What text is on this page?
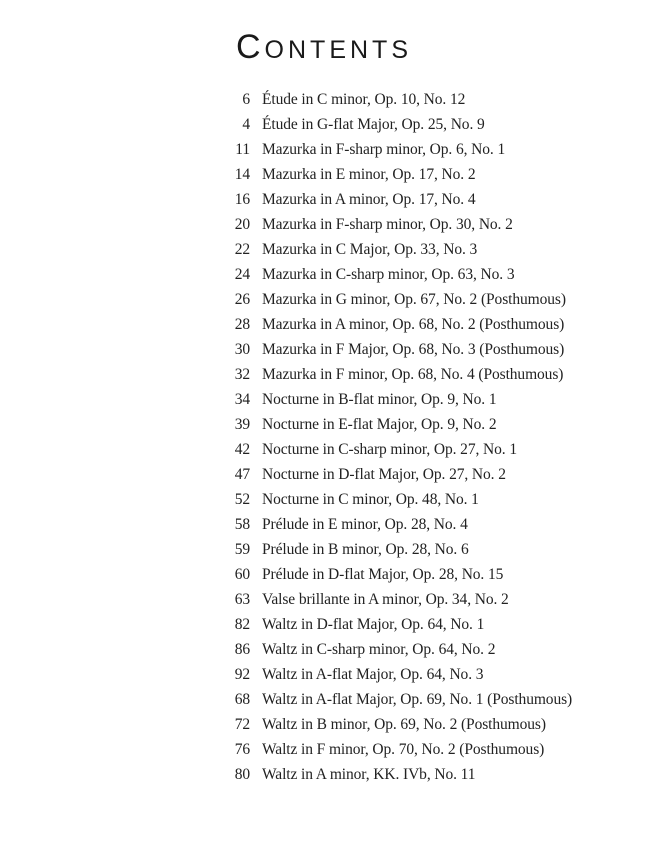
CONTENTS
6 Étude in C minor, Op. 10, No. 12
4 Étude in G-flat Major, Op. 25, No. 9
11 Mazurka in F-sharp minor, Op. 6, No. 1
14 Mazurka in E minor, Op. 17, No. 2
16 Mazurka in A minor, Op. 17, No. 4
20 Mazurka in F-sharp minor, Op. 30, No. 2
22 Mazurka in C Major, Op. 33, No. 3
24 Mazurka in C-sharp minor, Op. 63, No. 3
26 Mazurka in G minor, Op. 67, No. 2 (Posthumous)
28 Mazurka in A minor, Op. 68, No. 2 (Posthumous)
30 Mazurka in F Major, Op. 68, No. 3 (Posthumous)
32 Mazurka in F minor, Op. 68, No. 4 (Posthumous)
34 Nocturne in B-flat minor, Op. 9, No. 1
39 Nocturne in E-flat Major, Op. 9, No. 2
42 Nocturne in C-sharp minor, Op. 27, No. 1
47 Nocturne in D-flat Major, Op. 27, No. 2
52 Nocturne in C minor, Op. 48, No. 1
58 Prélude in E minor, Op. 28, No. 4
59 Prélude in B minor, Op. 28, No. 6
60 Prélude in D-flat Major, Op. 28, No. 15
63 Valse brillante in A minor, Op. 34, No. 2
82 Waltz in D-flat Major, Op. 64, No. 1
86 Waltz in C-sharp minor, Op. 64, No. 2
92 Waltz in A-flat Major, Op. 64, No. 3
68 Waltz in A-flat Major, Op. 69, No. 1 (Posthumous)
72 Waltz in B minor, Op. 69, No. 2 (Posthumous)
76 Waltz in F minor, Op. 70, No. 2 (Posthumous)
80 Waltz in A minor, KK. IVb, No. 11
